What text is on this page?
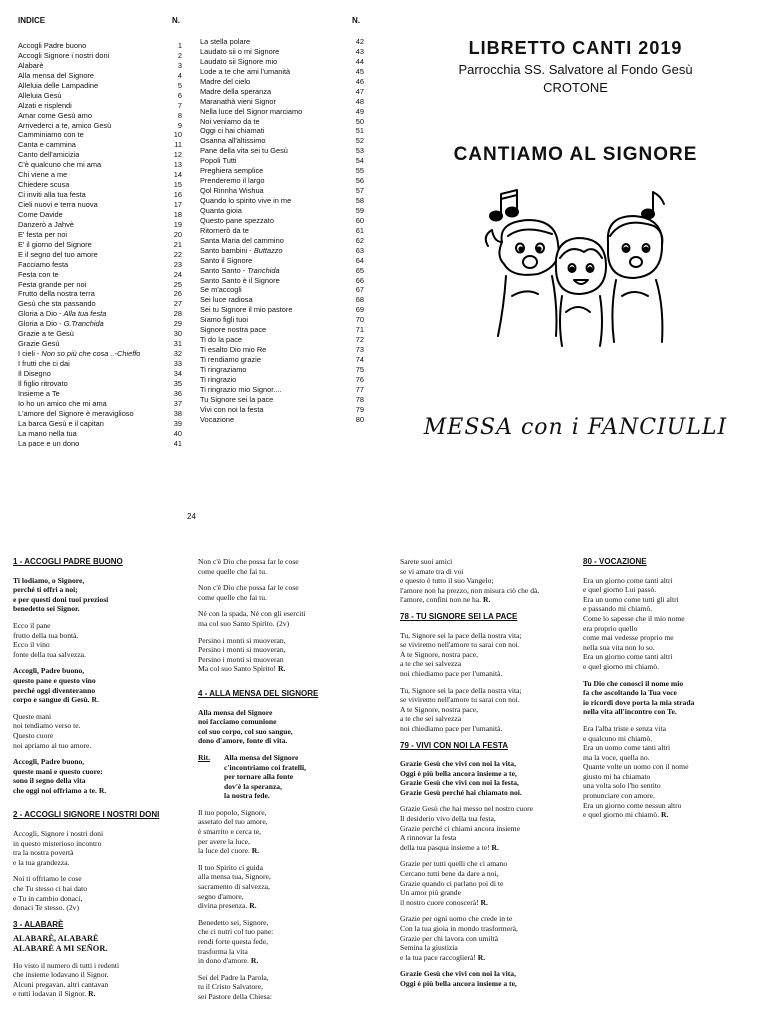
INDICE	N.	N.
Accogli Padre buono	1
Accogli Signore i nostri doni	2
Alabarè	3
Alla mensa del Signore	4
Alleluia delle Lampadine	5
Alleluia Gesù	6
Alzati e risplendi	7
Amar come Gesù amo	8
Arrivederci a te, amico Gesù	9
Camminiamo con te	10
Canta e cammina	11
Canto dell'amicizia	12
C'è qualcuno che mi ama	13
Chi viene a me	14
Chiedere scusa	15
Ci inviti alla tua festa	16
Cieli nuovi e terra nuova	17
Come Davide	18
Danzerò a Jahvè	19
E' festa per noi	20
E' il giorno del Signore	21
E il segno del tuo amore	22
Facciamo festa	23
Festa con te	24
Festa grande per noi	25
Frutto della nostra terra	26
Gesù che sta passando	27
Gloria a Dio - Alla tua festa	28
Gloria a Dio - G.Tranchida	29
Grazie a te Gesù	30
Grazie Gesù	31
I cieli - Non so più che cosa ..-Chieffo	32
I frutti che ci dai	33
Il Disegno	34
Il figlio ritrovato	35
Insieme a Te	36
Io ho un amico che mi ama	37
L'amore del Signore è meraviglioso	38
La barca Gesù e il capitan	39
La mano nella tua	40
La pace e un dono	41
La stella polare	42
Laudato sii o mi Signore	43
Laudato sii Signore mio	44
Lode a te che ami l'umanità	45
Madre del cielo	46
Madre della speranza	47
Maranathà vieni Signor	48
Nella luce del Signor marciamo	49
Noi veniamo da te	50
Oggi ci hai chiamati	51
Osanna all'altissimo	52
Pane della vita sei tu Gesù	53
Popoli Tutti	54
Preghiera semplice	55
Prenderemo il largo	56
Qol Rinnha Wishua	57
Quando lo spirito vive in me	58
Quanta gioia	59
Questo pane spezzato	60
Ritornerò da te	61
Santa Maria del cammino	62
Santo bambini - Buttazzo	63
Santo il Signore	64
Santo Santo - Tranchida	65
Santo Santo è il Signore	66
Se m'accogli	67
Sei luce radiosa	68
Sei tu Signore il mio pastore	69
Siamo figli tuoi	70
Signore nostra pace	71
Ti do la pace	72
Ti esalto Dio mio Re	73
Ti rendiamo grazie	74
Ti ringraziamo	75
Ti ringrazio	76
Ti ringrazio mio Signor....	77
Tu Signore sei la pace	78
Vivi con noi la festa	79
Vocazione	80
24
LIBRETTO CANTI 2019
Parrocchia SS. Salvatore al Fondo Gesù
CROTONE
CANTIAMO AL SIGNORE
MESSA con i FANCIULLI
1 - ACCOGLI PADRE BUONO
Ti lodiamo, o Signore,
perché ti offri a noi;
e per questi doni tuoi preziosi
benedetto sei Signor.
Ecco il pane
frutto della tua bontà.
Ecco il vino
fonte della tua salvezza.
Accogli, Padre buono,
questo pane e questo vino
perché oggi diventeranno
corpo e sangue di Gesù. R.
Queste mani
noi tendiamo verso te.
Questo cuore
noi apriamo al tuo amore.
Accogli, Padre buono,
queste mani e questo cuore:
sono il segno della vita
che oggi noi offriamo a te. R.
2 - ACCOGLI SIGNORE I NOSTRI DONI
Accogli, Signore i nostri doni
in questo misterioso incontro
tra la nostra povertà
e la tua grandezza.
Noi ti offriamo le cose
che Tu stesso ci hai dato
e Tu in cambio donaci,
donaci Te stesso. (2v)
3 - ALABARÈ
ALABARÈ, ALABARÈ
ALABARÈ A MI SEÑOR.
Ho visto il numero di tutti i redenti
che insieme lodavano il Signor.
Alcuni pregavan, altri cantavan
e tutti lodavan il Signor. R.
Non c'è Dio che possa far le cose
come quelle che fai tu.
Non c'è Dio che possa far le cose
come quelle che fai tu.
Né con la spada, Né con gli eserciti
ma col suo Santo Spirito. (2v)
Persino i monti si muoveran,
Persino i monti si muoveran,
Persino i monti si muoveran
Ma col suo Santo Spirito! R.
4 - ALLA MENSA DEL SIGNORE
Alla mensa del Signore
noi facciamo comunione
col suo corpo, col suo sangue,
dono d'amore, fonte di vita.
Rit.	Alla mensa del Signore
c'incontriamo coi fratelli,
per tornare alla fonte
dov'è la speranza,
la nostra fede.
Il tuo popolo, Signore,
assetato del tuo amore,
è smarrito e cerca te,
per avere la luce,
la luce del cuore. R.
Il tuo Spirito ci guida
alla mensa tua, Signore,
sacramento di salvezza,
segno d'amore,
divina presenza. R.
Benedetto sei, Signore,
che ci nutri col tuo pane:
rendi forte questa fede,
trasforma la vita
in dono d'amore. R.
Sei del Padre la Parola,
tu il Cristo Salvatore,
sei Pastore della Chiesa:
Sarete suoi amici
se vi amate tra di voi
e questo è tutto il suo Vangelo;
l'amore non ha prezzo, non misura ciò che dà,
l'amore, confini non ne ha. R.
78 - TU SIGNORE SEI LA PACE
Tu, Signore sei la pace della nostra vita;
se viviremo nell'amore tu sarai con noi.
A te Signore, nostra pace,
a te che sei salvezza
noi chiediamo pace per l'umanità.
Tu, Signore sei la pace della nostra vita;
se viviremo nell'amore tu sarai con noi.
A te Signore, nostra pace,
a te che sei salvezza
noi chiediamo pace per l'umanità.
79 - VIVI CON NOI LA FESTA
Grazie Gesù che vivi con noi la vita,
Oggi è più bella ancora insieme a te,
Grazie Gesù che vivi con noi la festa,
Grazie Gesù perché hai chiamato noi.
Grazie Gesù che hai messo nel nostro cuore
Il desiderio vivo della tua festa,
Grazie perché ci chiami ancora insieme
A rinnovar la festa
della tua pasqua insieme a te! R.
Grazie per tutti quelli che ci amano
Cercano tutti bene da dare a noi,
Grazie quando ci parlano poi di te
Un amor più grande
il nostro cuore conoscerà! R.
Grazie per ogni uomo che crede in te
Con la tua gioia in mondo trasformerà,
Grazie per chi lavora con umiltà
Semina la giustizia
e la tua pace raccoglierà! R.
Grazie Gesù che vivi con noi la vita,
Oggi è più bella ancora insieme a te,
80 - VOCAZIONE
Era un giorno come tanti altri
e quel giorno Lui passò.
Era un uomo come tutti gli altri
e passando mi chiamò.
Come lo sapesse che il mio nome
era proprio quello
come mai vedesse proprio me
nella sua vita non lo so.
Era un giorno come tanti altri
e quel giorno mi chiamò.
Tu Dio che conosci il nome mio
fa che ascoltando la Tua voce
io ricordi dove porta la mia strada
nella vita all'incontro con Te.
Era l'alba triste e senza vita
e qualcuno mi chiamò.
Era un uomo come tanti altri
ma la voce, quella no.
Quante volte un uomo con il nome
giusto mi ha chiamato
una volta solo l'ho sentito
pronunciare con amore.
Era un giorno come nessun altro
e quel giorno mi chiamò. R.
